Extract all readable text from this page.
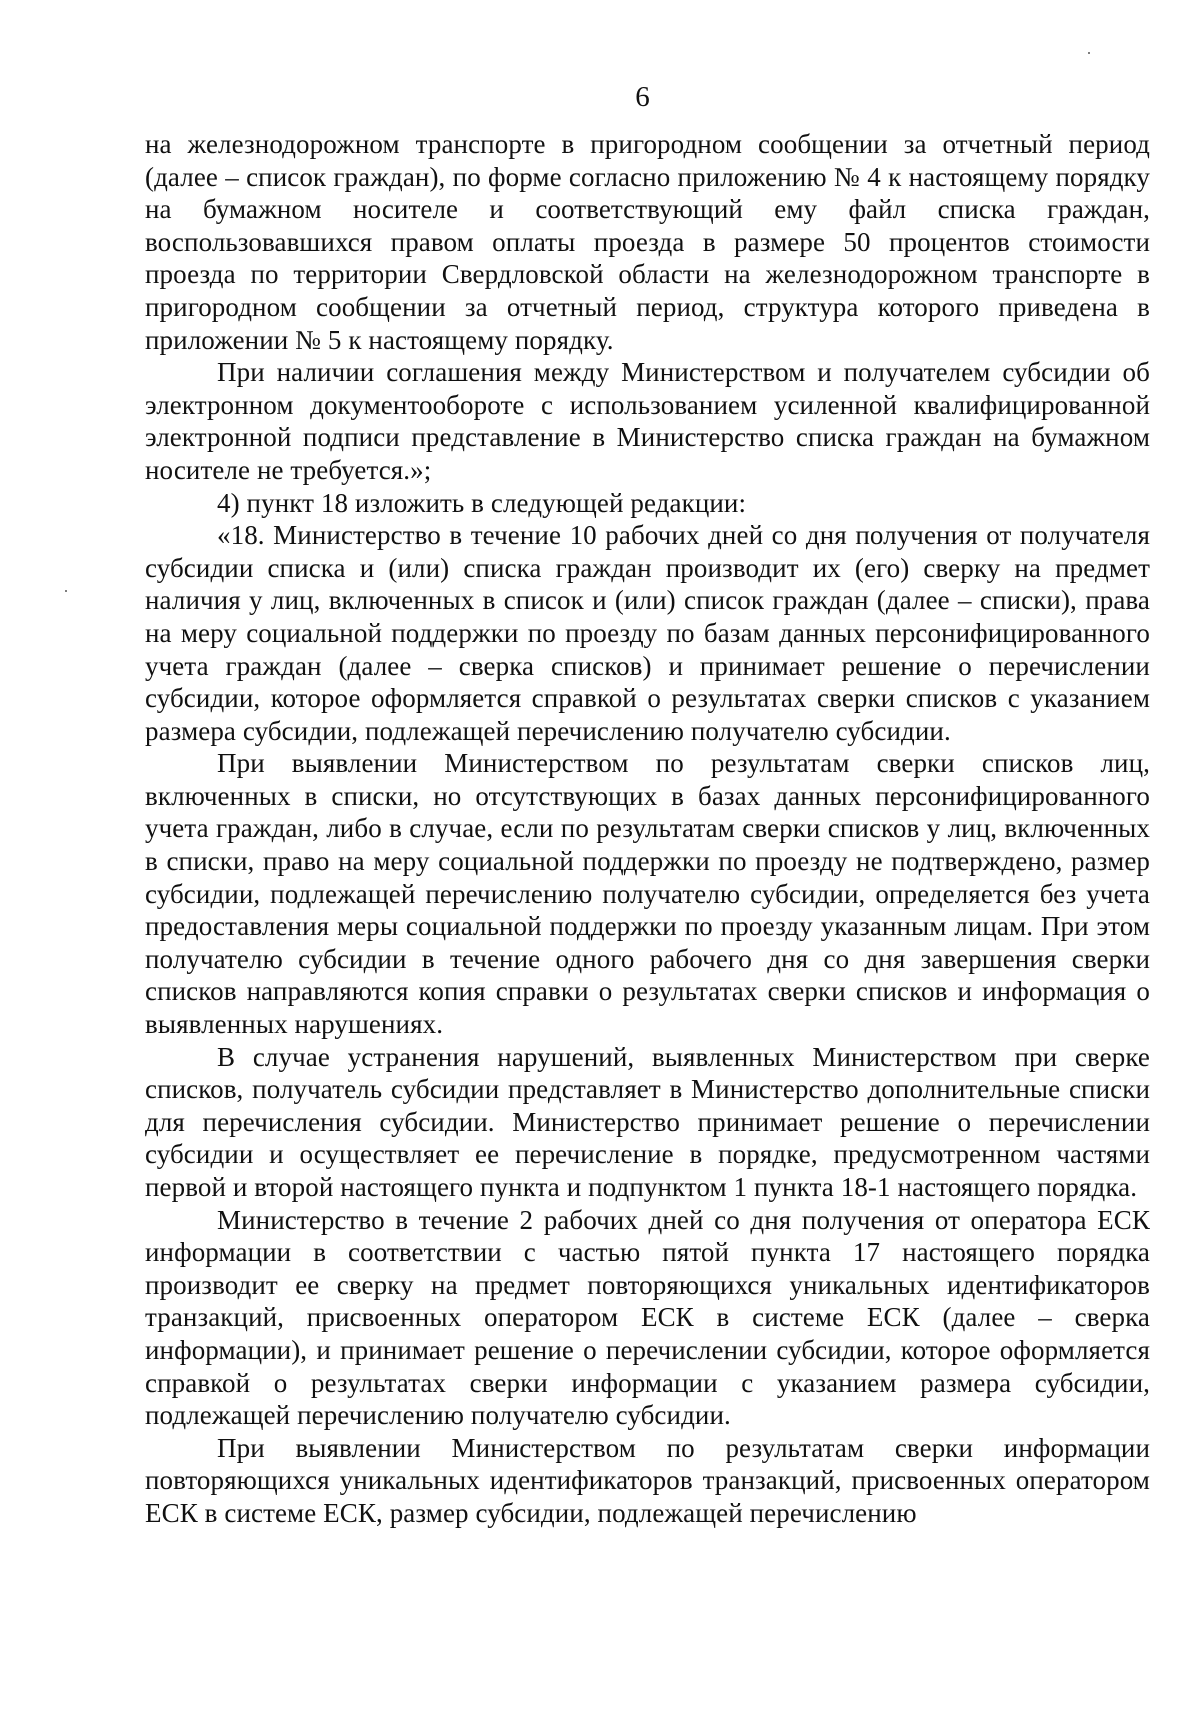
6

на железнодорожном транспорте в пригородном сообщении за отчетный период (далее – список граждан), по форме согласно приложению № 4 к настоящему порядку на бумажном носителе и соответствующий ему файл списка граждан, воспользовавшихся правом оплаты проезда в размере 50 процентов стоимости проезда по территории Свердловской области на железнодорожном транспорте в пригородном сообщении за отчетный период, структура которого приведена в приложении № 5 к настоящему порядку.

При наличии соглашения между Министерством и получателем субсидии об электронном документообороте с использованием усиленной квалифицированной электронной подписи представление в Министерство списка граждан на бумажном носителе не требуется.»;

4) пункт 18 изложить в следующей редакции:

«18. Министерство в течение 10 рабочих дней со дня получения от получателя субсидии списка и (или) списка граждан производит их (его) сверку на предмет наличия у лиц, включенных в список и (или) список граждан (далее – списки), права на меру социальной поддержки по проезду по базам данных персонифицированного учета граждан (далее – сверка списков) и принимает решение о перечислении субсидии, которое оформляется справкой о результатах сверки списков с указанием размера субсидии, подлежащей перечислению получателю субсидии.

При выявлении Министерством по результатам сверки списков лиц, включенных в списки, но отсутствующих в базах данных персонифицированного учета граждан, либо в случае, если по результатам сверки списков у лиц, включенных в списки, право на меру социальной поддержки по проезду не подтверждено, размер субсидии, подлежащей перечислению получателю субсидии, определяется без учета предоставления меры социальной поддержки по проезду указанным лицам. При этом получателю субсидии в течение одного рабочего дня со дня завершения сверки списков направляются копия справки о результатах сверки списков и информация о выявленных нарушениях.

В случае устранения нарушений, выявленных Министерством при сверке списков, получатель субсидии представляет в Министерство дополнительные списки для перечисления субсидии. Министерство принимает решение о перечислении субсидии и осуществляет ее перечисление в порядке, предусмотренном частями первой и второй настоящего пункта и подпунктом 1 пункта 18-1 настоящего порядка.

Министерство в течение 2 рабочих дней со дня получения от оператора ЕСК информации в соответствии с частью пятой пункта 17 настоящего порядка производит ее сверку на предмет повторяющихся уникальных идентификаторов транзакций, присвоенных оператором ЕСК в системе ЕСК (далее – сверка информации), и принимает решение о перечислении субсидии, которое оформляется справкой о результатах сверки информации с указанием размера субсидии, подлежащей перечислению получателю субсидии.

При выявлении Министерством по результатам сверки информации повторяющихся уникальных идентификаторов транзакций, присвоенных оператором ЕСК в системе ЕСК, размер субсидии, подлежащей перечислению
